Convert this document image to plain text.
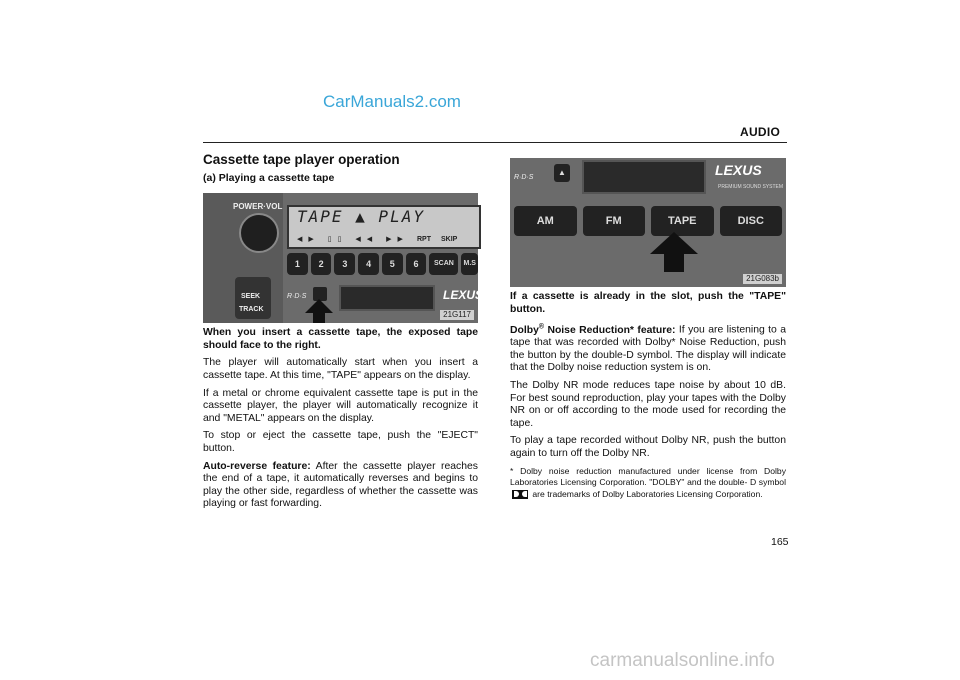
CarManuals2.com
AUDIO
Cassette tape player operation
(a) Playing a cassette tape
POWER·VOL
SEEK
TRACK
TAPE ▲ PLAY
◀▶ ▯▯ ◀◀ ▶▶ RPT SKIP
1	2	3	4	5	6	SCAN	M.S
R·D·S	LEXUS
21G117

When you insert a cassette tape, the exposed tape should face to the right.

The player will automatically start when you insert a cassette tape. At this time, "TAPE" appears on the display.

If a metal or chrome equivalent cassette tape is put in the cassette player, the player will automatically recognize it and "METAL" appears on the display.

To stop or eject the cassette tape, push the "EJECT" button.

Auto-reverse feature: After the cassette player reaches the end of a tape, it automatically reverses and begins to play the other side, regardless of whether the cassette was playing or fast forwarding.

R·D·S
▲	LEXUS
PREMIUM SOUND SYSTEM
AM	FM	TAPE	DISC
21G083b

If a cassette is already in the slot, push the "TAPE" button.

Dolby® Noise Reduction* feature: If you are listening to a tape that was recorded with Dolby* Noise Reduction, push the button by the double-D symbol. The display will indicate that the Dolby noise reduction system is on.

The Dolby NR mode reduces tape noise by about 10 dB. For best sound reproduction, play your tapes with the Dolby NR on or off according to the mode used for recording the tape.

To play a tape recorded without Dolby NR, push the button again to turn off the Dolby NR.

* Dolby noise reduction manufactured under license from Dolby Laboratories Licensing Corporation. "DOLBY" and the double- D symbol are trademarks of Dolby Laboratories Licensing Corporation.

165
carmanualsonline.info
